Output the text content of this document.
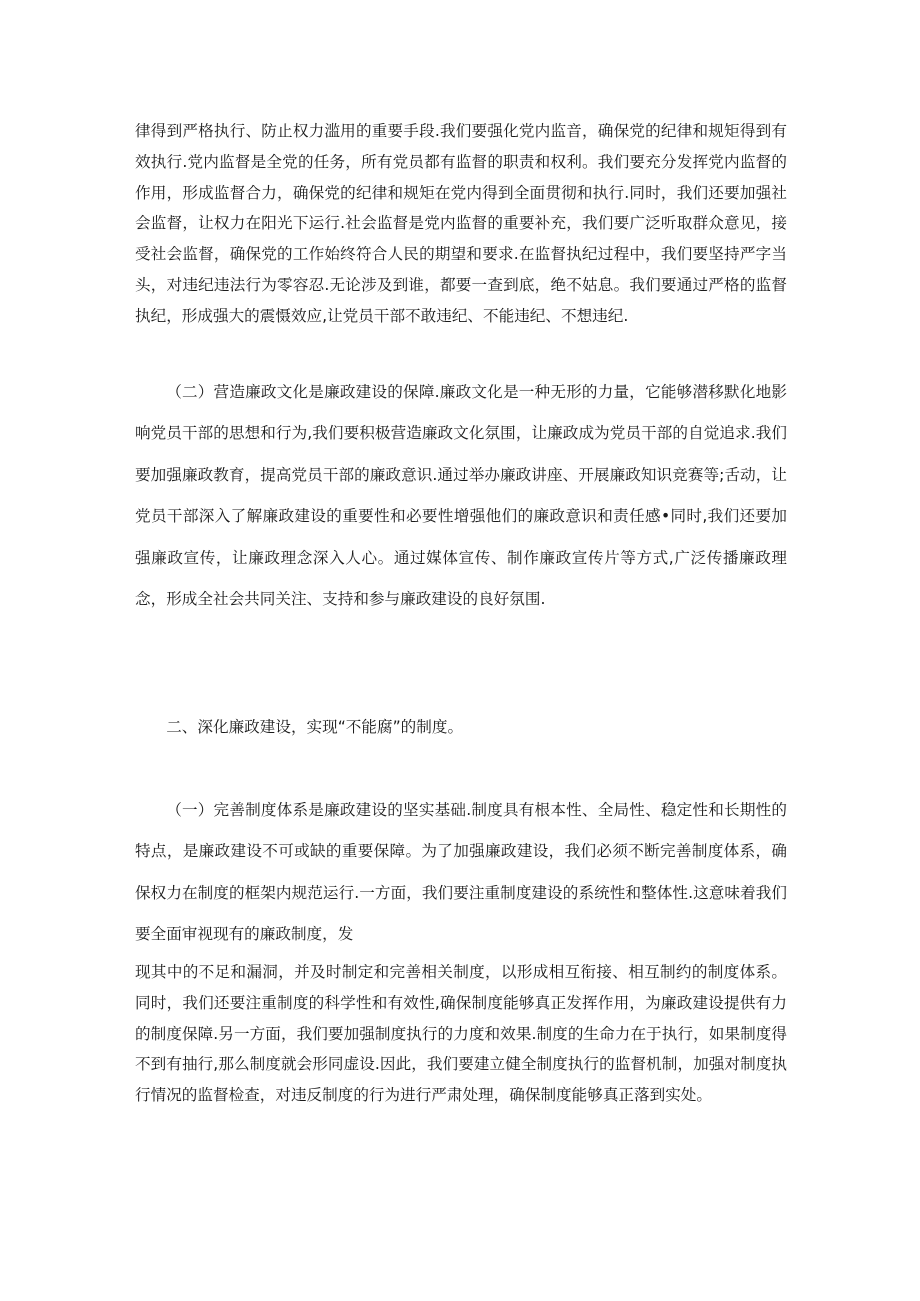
律得到严格执行、防止权力滥用的重要手段.我们要强化党内监音，确保党的纪律和规矩得到有效执行.党内监督是全党的任务，所有党员都有监督的职责和权利。我们要充分发挥党内监督的作用，形成监督合力，确保党的纪律和规矩在党内得到全面贯彻和执行.同时，我们还要加强社会监督，让权力在阳光下运行.社会监督是党内监督的重要补充，我们要广泛听取群众意见，接受社会监督，确保党的工作始终符合人民的期望和要求.在监督执纪过程中，我们要坚持严字当头，对违纪违法行为零容忍.无论涉及到谁，都要一查到底，绝不姑息。我们要通过严格的监督执纪，形成强大的震慑效应,让党员干部不敢违纪、不能违纪、不想违纪.

（二）营造廉政文化是廉政建设的保障.廉政文化是一种无形的力量，它能够潜移默化地影响党员干部的思想和行为,我们要积极营造廉政文化氛围，让廉政成为党员干部的自觉追求.我们要加强廉政教育，提高党员干部的廉政意识.通过举办廉政讲座、开展廉政知识竞赛等;舌动，让党员干部深入了解廉政建设的重要性和必要性增强他们的廉政意识和责任感•同时,我们还要加强廉政宣传，让廉政理念深入人心。通过媒体宣传、制作廉政宣传片等方式,广泛传播廉政理念，形成全社会共同关注、支持和参与廉政建设的良好氛围.

二、深化廉政建设，实现“不能腐”的制度。

（一）完善制度体系是廉政建设的坚实基础.制度具有根本性、全局性、稳定性和长期性的特点，是廉政建设不可或缺的重要保障。为了加强廉政建设，我们必须不断完善制度体系，确保权力在制度的框架内规范运行.一方面，我们要注重制度建设的系统性和整体性.这意味着我们要全面审视现有的廉政制度，发

现其中的不足和漏洞，并及时制定和完善相关制度，以形成相互衔接、相互制约的制度体系。同时，我们还要注重制度的科学性和有效性,确保制度能够真正发挥作用，为廉政建设提供有力的制度保障.另一方面，我们要加强制度执行的力度和效果.制度的生命力在于执行，如果制度得不到有抽行,那么制度就会形同虚设.因此，我们要建立健全制度执行的监督机制，加强对制度执行情况的监督检查，对违反制度的行为进行严肃处理，确保制度能够真正落到实处。
